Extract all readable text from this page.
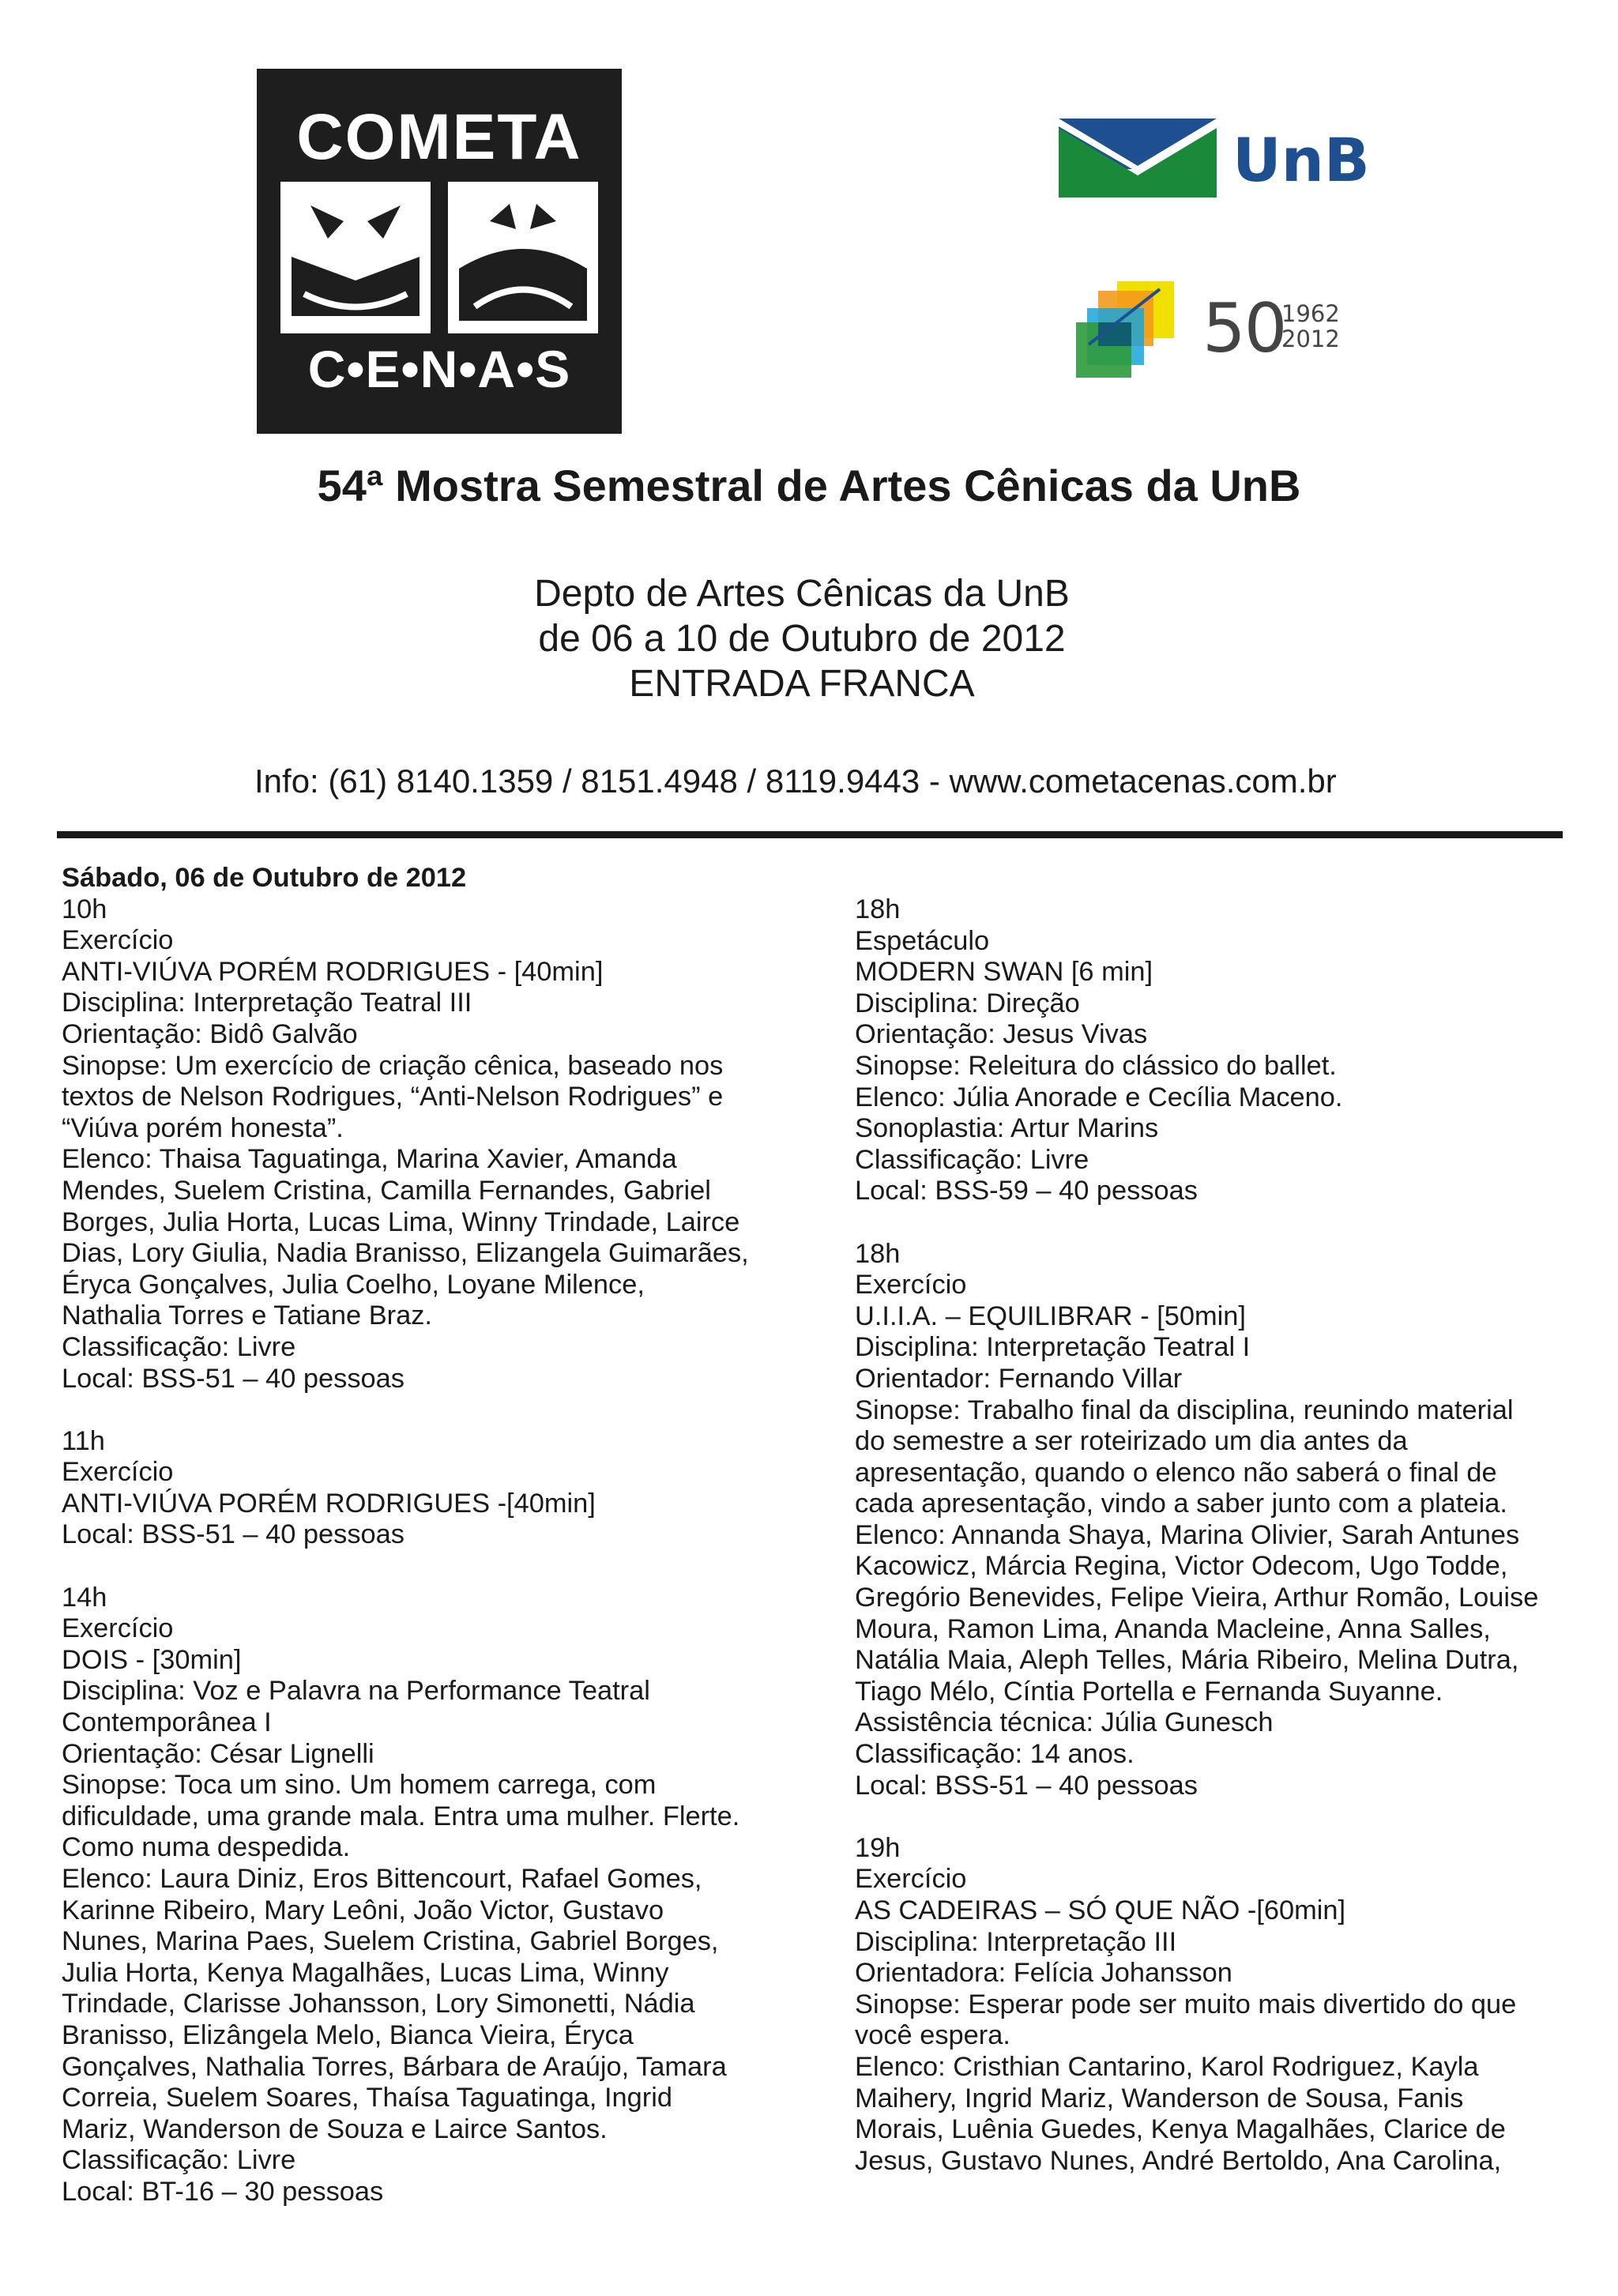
COMETA
C•E•N•A•S
UnB
50
1962
2012
54ª Mostra Semestral de Artes Cênicas da UnB
Depto de Artes Cênicas da UnB
de 06 a 10 de Outubro de 2012
ENTRADA FRANCA
Info: (61) 8140.1359 / 8151.4948 / 8119.9443 - www.cometacenas.com.br
Sábado, 06 de Outubro de 2012
10h
Exercício
ANTI-VIÚVA PORÉM RODRIGUES - [40min]
Disciplina: Interpretação Teatral III
Orientação: Bidô Galvão
Sinopse: Um exercício de criação cênica, baseado nos
textos de Nelson Rodrigues, “Anti-Nelson Rodrigues” e
“Viúva porém honesta”.
Elenco: Thaisa Taguatinga, Marina Xavier, Amanda
Mendes, Suelem Cristina, Camilla Fernandes, Gabriel
Borges, Julia Horta, Lucas Lima, Winny Trindade, Lairce
Dias, Lory Giulia, Nadia Branisso, Elizangela Guimarães,
Éryca Gonçalves, Julia Coelho, Loyane Milence,
Nathalia Torres e Tatiane Braz.
Classificação: Livre
Local: BSS-51 – 40 pessoas
11h
Exercício
ANTI-VIÚVA PORÉM RODRIGUES -[40min]
Local: BSS-51 – 40 pessoas
14h
Exercício
DOIS - [30min]
Disciplina: Voz e Palavra na Performance Teatral
Contemporânea I
Orientação: César Lignelli
Sinopse: Toca um sino. Um homem carrega, com
dificuldade, uma grande mala. Entra uma mulher. Flerte.
Como numa despedida.
Elenco: Laura Diniz, Eros Bittencourt, Rafael Gomes,
Karinne Ribeiro, Mary Leôni, João Victor, Gustavo
Nunes, Marina Paes, Suelem Cristina, Gabriel Borges,
Julia Horta, Kenya Magalhães, Lucas Lima, Winny
Trindade, Clarisse Johansson, Lory Simonetti, Nádia
Branisso, Elizângela Melo, Bianca Vieira, Éryca
Gonçalves, Nathalia Torres, Bárbara de Araújo, Tamara
Correia, Suelem Soares, Thaísa Taguatinga, Ingrid
Mariz, Wanderson de Souza e Lairce Santos.
Classificação: Livre
Local: BT-16 – 30 pessoas
18h
Espetáculo
MODERN SWAN [6 min]
Disciplina: Direção
Orientação: Jesus Vivas
Sinopse: Releitura do clássico do ballet.
Elenco: Júlia Anorade e Cecília Maceno.
Sonoplastia: Artur Marins
Classificação: Livre
Local: BSS-59 – 40 pessoas
18h
Exercício
U.I.I.A. – EQUILIBRAR - [50min]
Disciplina: Interpretação Teatral I
Orientador: Fernando Villar
Sinopse: Trabalho final da disciplina, reunindo material
do semestre a ser roteirizado um dia antes da
apresentação, quando o elenco não saberá o final de
cada apresentação, vindo a saber junto com a plateia.
Elenco: Annanda Shaya, Marina Olivier, Sarah Antunes
Kacowicz, Márcia Regina, Victor Odecom, Ugo Todde,
Gregório Benevides, Felipe Vieira, Arthur Romão, Louise
Moura, Ramon Lima, Ananda Macleine, Anna Salles,
Natália Maia, Aleph Telles, Mária Ribeiro, Melina Dutra,
Tiago Mélo, Cíntia Portella e Fernanda Suyanne.
Assistência técnica: Júlia Gunesch
Classificação: 14 anos.
Local: BSS-51 – 40 pessoas
19h
Exercício
AS CADEIRAS – SÓ QUE NÃO -[60min]
Disciplina: Interpretação III
Orientadora: Felícia Johansson
Sinopse: Esperar pode ser muito mais divertido do que
você espera.
Elenco: Cristhian Cantarino, Karol Rodriguez, Kayla
Maihery, Ingrid Mariz, Wanderson de Sousa, Fanis
Morais, Luênia Guedes, Kenya Magalhães, Clarice de
Jesus, Gustavo Nunes, André Bertoldo, Ana Carolina,
